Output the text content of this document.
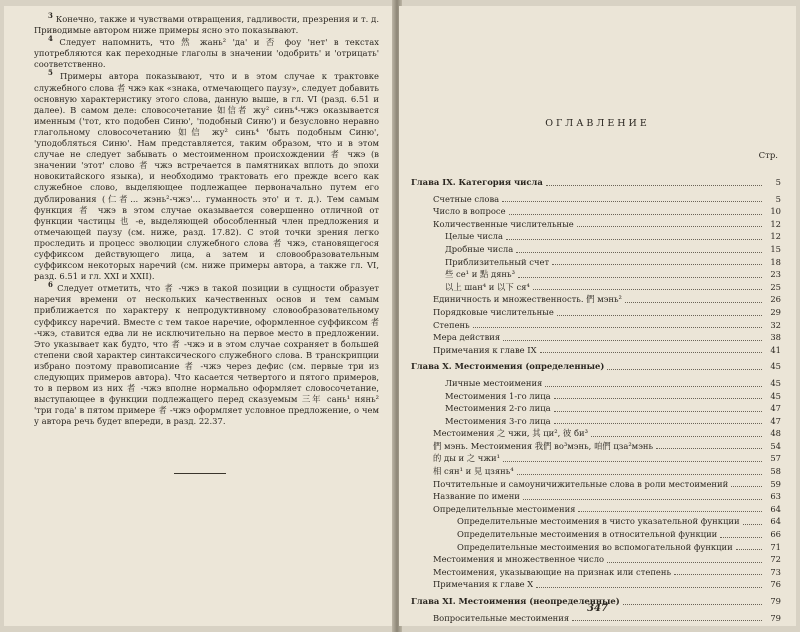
$^3$ Конечно, также и чувствами отвращения, гадливости, презрения и т. д. Приводимые автором ниже примеры ясно это показывают.

$^4$ Следует напомнить, что 然 жань² 'да' и 否 фоу 'нет' в текстах употребляются как переходные глаголы в значении 'одобрить' и 'отрицать' соответственно.

$^5$ Примеры автора показывают, что и в этом случае к трактовке служебного слова 者 чжэ как «знака, отмечающего паузу», следует добавить основную характеристику этого слова, данную выше, в гл. VI (разд. 6.51 и далее). В самом деле: словосочетание 如信者 жу² синь⁴-чжэ оказывается именным ('тот, кто подобен Синю', 'подобный Синю') и безусловно неравно глагольному словосочетанию 如信 жу² синь⁴ 'быть подобным Синю', 'уподобляться Синю'. Нам представляется, таким образом, что и в этом случае не следует забывать о местоименном происхождении 者 чжэ (в значении 'этот' слово 者 чжэ встречается в памятниках вплоть до эпохи новокитайского языка), и необходимо трактовать его прежде всего как служебное слово, выделяющее подлежащее первоначально путем его дублирования (仁者... жэнь²-чжэ'... гуманность это' и т. д.). Тем самым функция 者 чжэ в этом случае оказывается совершенно отличной от функции частицы 也 -е, выделяющей обособленный член предложения и отмечающей паузу (см. ниже, разд. 17.82). С этой точки зрения легко проследить и процесс эволюции служебного слова 者 чжэ, становящегося суффиксом действующего лица, а затем и словообразовательным суффиксом некоторых наречий (см. ниже примеры автора, а также гл. VI, разд. 6.51 и гл. XXI и XXII).

$^6$ Следует отметить, что 者 -чжэ в такой позиции в сущности образует наречия времени от нескольких качественных основ и тем самым приближается по характеру к непродуктивному словообразовательному суффиксу наречий. Вместе с тем такое наречие, оформленное суффиксом 者 -чжэ, ставится едва ли не исключительно на первое место в предложении. Это указывает как будто, что 者 -чжэ и в этом случае сохраняет в большей степени свой характер синтаксического служебного слова. В транскрипции избрано поэтому правописание 者 -чжэ через дефис (см. первые три из следующих примеров автора). Что касается четвертого и пятого примеров, то в первом из них 者 -чжэ вполне нормально оформляет словосочетание, выступающее в функции подлежащего перед сказуемым 三年 сань¹ нянь² 'три года' в пятом примере 者 -чжэ оформляет условное предложение, о чем у автора речь будет впереди, в разд. 22.37.

ОГЛАВЛЕНИЕ
Стр.
Глава IX. Категория числа	5
Счетные слова	5
Число в вопросе	10
Количественные числительные	12
Целые числа	12
Дробные числа	15
Приблизительный счет	18
些 се¹ и 點 дянь³	23
以上 шан⁴ и 以下 ся⁴	25
Единичность и множественность. 們 мэнь²	26
Порядковые числительные	29
Степень	32
Мера действия	38
Примечания к главе IX	41
Глава X. Местоимения (определенные)	45
Личные местоимения	45
Местоимения 1-го лица	45
Местоимения 2-го лица	47
Местоимения 3-го лица	47
Местоимения 之 чжи, 其 ци², 彼 би³	48
們 мэнь. Местоимения 我們 во³мэнь, 咱們 цза²мэнь	54
的 ды и 之 чжи¹	57
相 сян¹ и 見 цзянь⁴	58
Почтительные и самоуничижительные слова в роли местоимений	59
Название по имени	63
Определительные местоимения	64
Определительные местоимения в чисто указательной функции	64
Определительные местоимения в относительной функции	66
Определительные местоимения во вспомогательной функции	71
Местоимения и множественное число	72
Местоимения, указывающие на признак или степень	73
Примечания к главе X	76
Глава XI. Местоимения (неопределенные)	79
Вопросительные местоимения	79
347
